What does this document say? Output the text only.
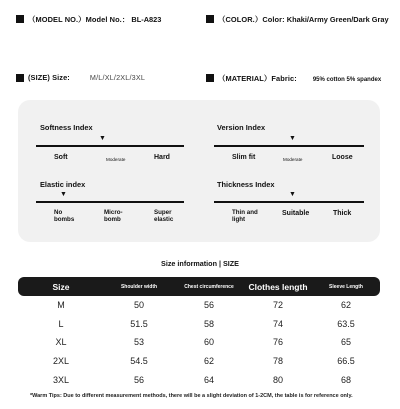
（MODEL NO.）Model No.： BL-A823	（COLOR.）Color: Khaki/Army Green/Dark Gray
(SIZE) Size:	M/L/XL/2XL/3XL	（MATERIAL）Fabric:	95% cotton 5% spandex
Softness Index
▼
Soft	Moderate	Hard
Version Index
▼
Slim fit	Moderate	Loose
Elastic index
▼
No bombs
Micro-bomb
Super elastic
Thickness Index
▼
Thin and light
Suitable	Thick
Size information | SIZE
Size	Shoulder width	Chest circumference	Clothes length	Sleeve Length
M	50	56	72	62
L	51.5	58	74	63.5
XL	53	60	76	65
2XL	54.5	62	78	66.5
3XL	56	64	80	68
*Warm Tips: Due to different measurement methods, there will be a slight deviation of 1-2CM, the table is for reference only.
